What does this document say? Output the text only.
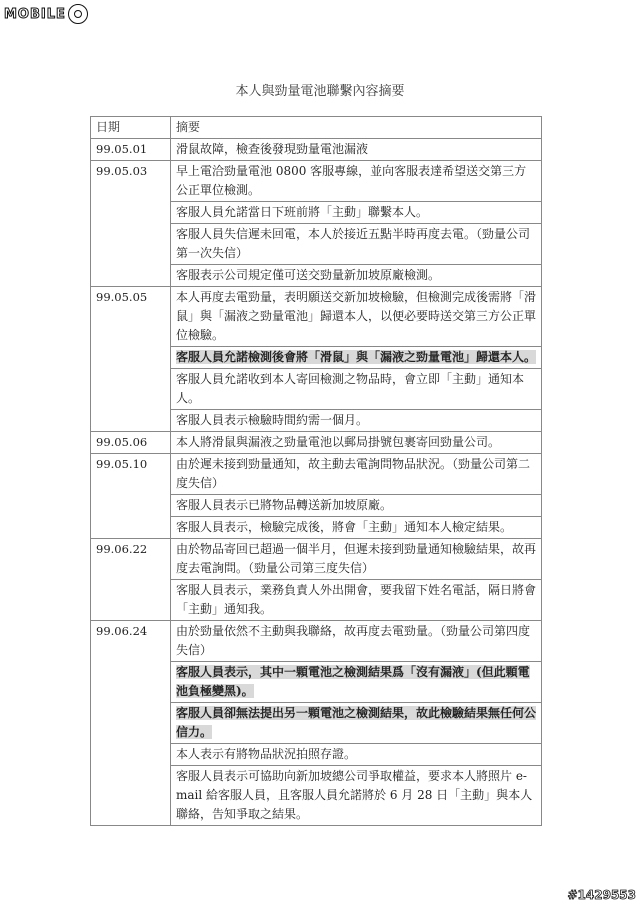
MOBILE
本人與勁量電池聯繫內容摘要
日期	摘要
99.05.01	滑鼠故障，檢查後發現勁量電池漏液
99.05.03	早上電洽勁量電池 0800 客服專線，並向客服表達希望送交第三方公正單位檢測。
	客服人員允諾當日下班前將「主動」聯繫本人。
	客服人員失信遲未回電，本人於接近五點半時再度去電。（勁量公司第一次失信）
	客服表示公司規定僅可送交勁量新加坡原廠檢測。
99.05.05	本人再度去電勁量，表明願送交新加坡檢驗，但檢測完成後需將「滑鼠」與「漏液之勁量電池」歸還本人，以便必要時送交第三方公正單位檢驗。
	客服人員允諾檢測後會將「滑鼠」與「漏液之勁量電池」歸還本人。
	客服人員允諾收到本人寄回檢測之物品時，會立即「主動」通知本人。
	客服人員表示檢驗時間約需一個月。
99.05.06	本人將滑鼠與漏液之勁量電池以郵局掛號包裹寄回勁量公司。
99.05.10	由於遲未接到勁量通知，故主動去電詢問物品狀況。（勁量公司第二度失信）
	客服人員表示已將物品轉送新加坡原廠。
	客服人員表示，檢驗完成後，將會「主動」通知本人檢定結果。
99.06.22	由於物品寄回已超過一個半月，但遲未接到勁量通知檢驗結果，故再度去電詢問。（勁量公司第三度失信）
	客服人員表示，業務負責人外出開會，要我留下姓名電話，隔日將會「主動」通知我。
99.06.24	由於勁量依然不主動與我聯絡，故再度去電勁量。（勁量公司第四度失信）
	客服人員表示，其中一顆電池之檢測結果爲「沒有漏液」(但此顆電池負極變黑)。
	客服人員卻無法提出另一顆電池之檢測結果，故此檢驗結果無任何公信力。
	本人表示有將物品狀況拍照存證。
	客服人員表示可協助向新加坡總公司爭取權益，要求本人將照片 e-mail 給客服人員，且客服人員允諾將於 6 月 28 日「主動」與本人聯絡，告知爭取之結果。
#1429553
